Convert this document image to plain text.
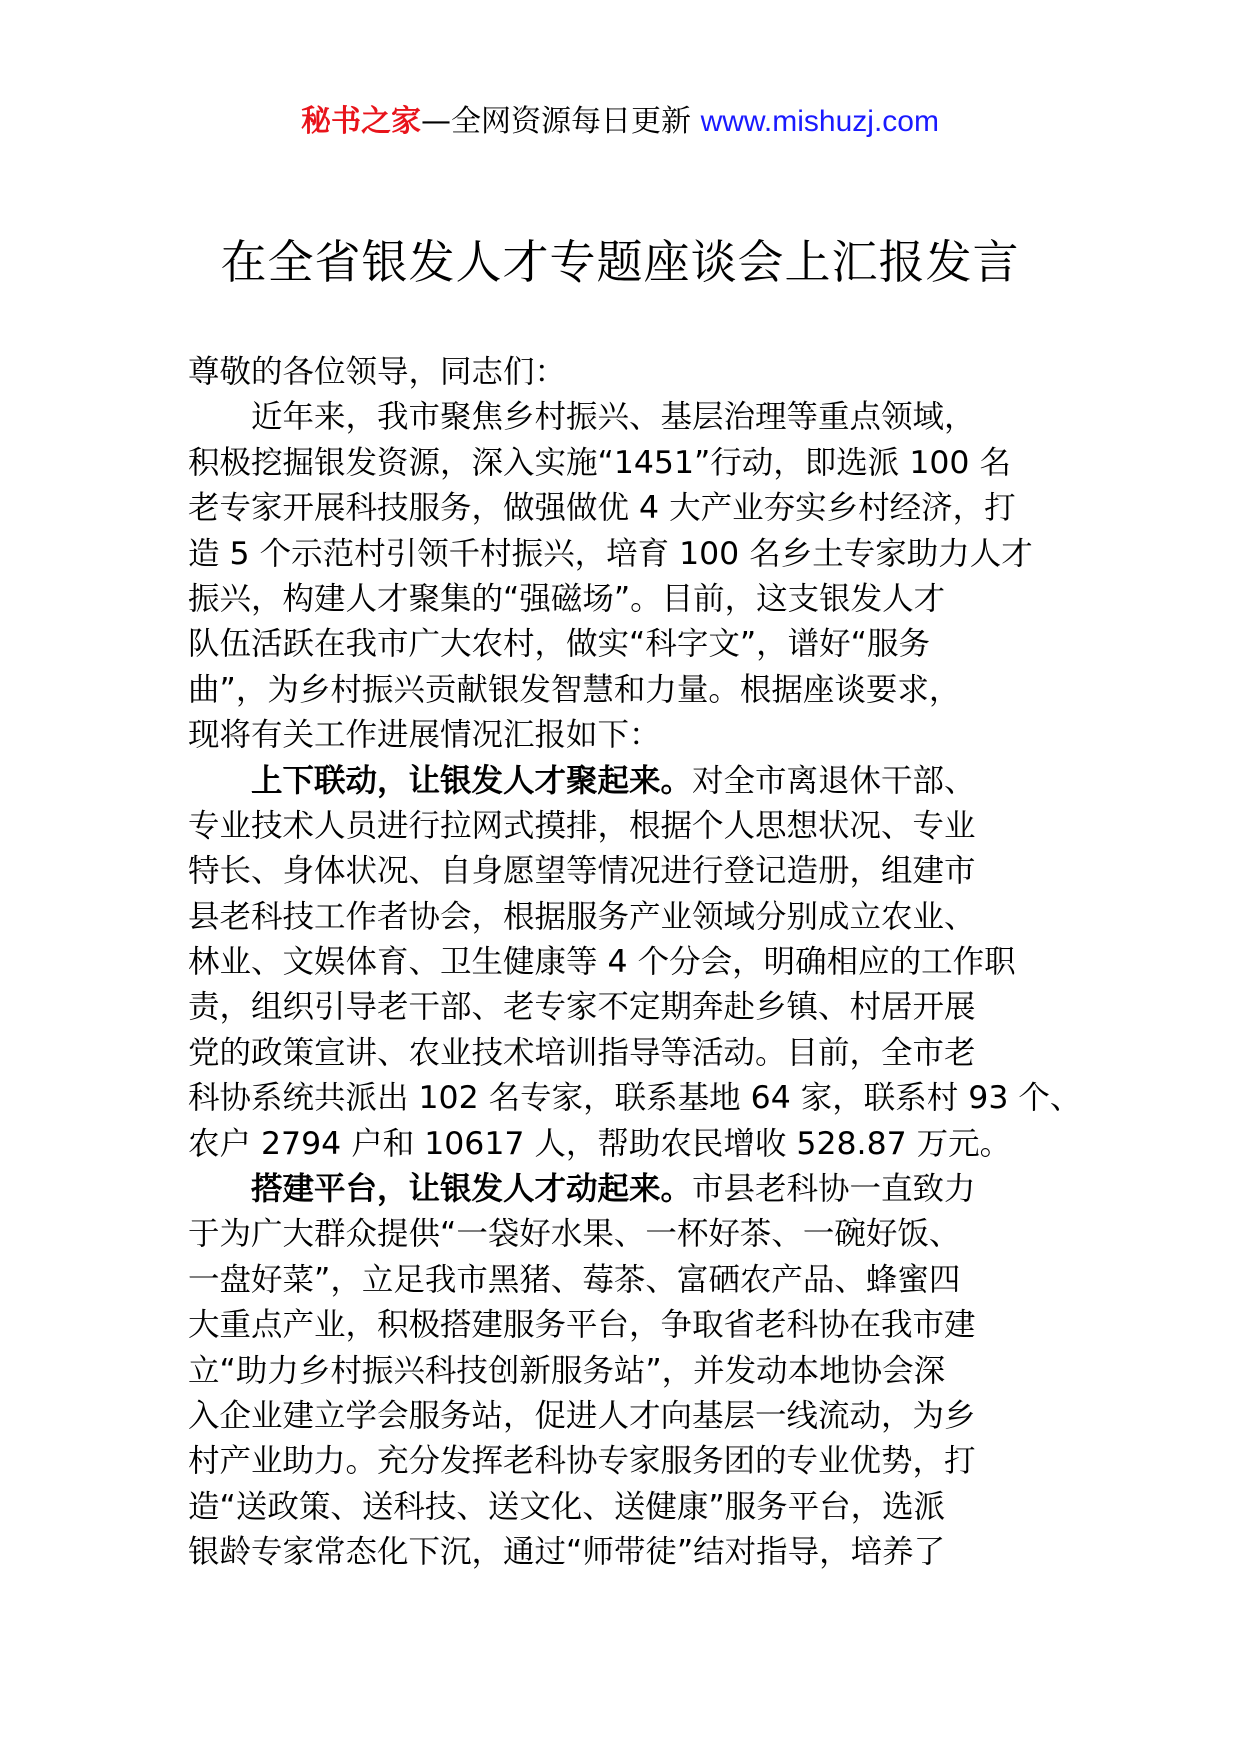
秘书之家—全网资源每日更新 www.mishuzj.com
在全省银发人才专题座谈会上汇报发言
尊敬的各位领导，同志们：
近年来，我市聚焦乡村振兴、基层治理等重点领域，
积极挖掘银发资源，深入实施“1451”行动，即选派 100 名
老专家开展科技服务，做强做优 4 大产业夯实乡村经济，打
造 5 个示范村引领千村振兴，培育 100 名乡土专家助力人才
振兴，构建人才聚集的“强磁场”。目前，这支银发人才
队伍活跃在我市广大农村，做实“科字文”，谱好“服务
曲”，为乡村振兴贡献银发智慧和力量。根据座谈要求，
现将有关工作进展情况汇报如下：
上下联动，让银发人才聚起来。对全市离退休干部、
专业技术人员进行拉网式摸排，根据个人思想状况、专业
特长、身体状况、自身愿望等情况进行登记造册，组建市
县老科技工作者协会，根据服务产业领域分别成立农业、
林业、文娱体育、卫生健康等 4 个分会，明确相应的工作职
责，组织引导老干部、老专家不定期奔赴乡镇、村居开展
党的政策宣讲、农业技术培训指导等活动。目前，全市老
科协系统共派出 102 名专家，联系基地 64 家，联系村 93 个、
农户 2794 户和 10617 人，帮助农民增收 528.87 万元。
搭建平台，让银发人才动起来。市县老科协一直致力
于为广大群众提供“一袋好水果、一杯好茶、一碗好饭、
一盘好菜”，立足我市黑猪、莓茶、富硒农产品、蜂蜜四
大重点产业，积极搭建服务平台，争取省老科协在我市建
立“助力乡村振兴科技创新服务站”，并发动本地协会深
入企业建立学会服务站，促进人才向基层一线流动，为乡
村产业助力。充分发挥老科协专家服务团的专业优势，打
造“送政策、送科技、送文化、送健康”服务平台，选派
银龄专家常态化下沉，通过“师带徒”结对指导，培养了
